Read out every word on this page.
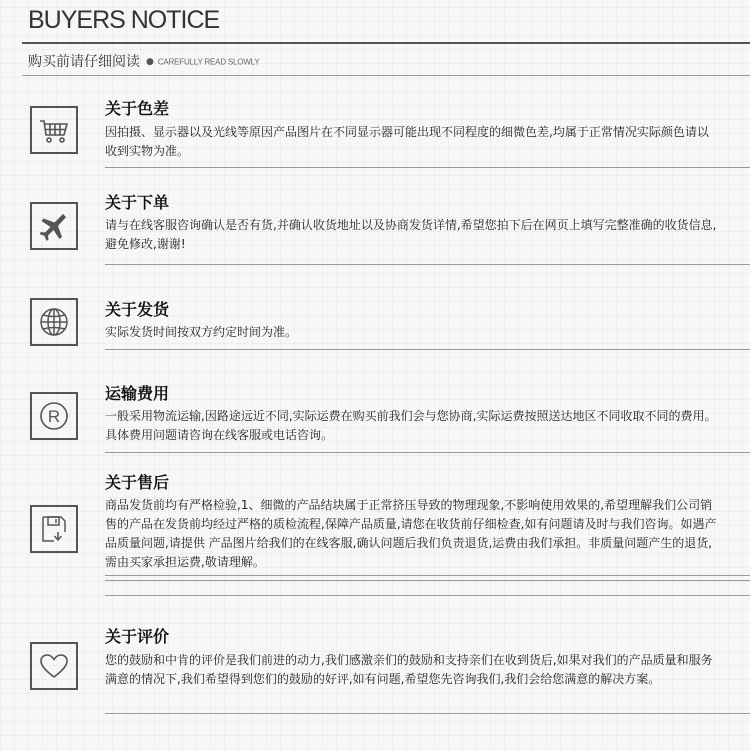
BUYERS NOTICE
购买前请仔细阅读 ● CAREFULLY READ SLOWLY
关于色差
因拍摄、显示器以及光线等原因产品图片在不同显示器可能出现不同程度的细微色差,均属于正常情况实际颜色请以收到实物为准。
关于下单
请与在线客服咨询确认是否有货,并确认收货地址以及协商发货详情,希望您拍下后在网页上填写完整准确的收货信息,避免修改,谢谢!
关于发货
实际发货时间按双方约定时间为准。
R
运输费用
一般采用物流运输,因路途远近不同,实际运费在购买前我们会与您协商,实际运费按照送达地区不同收取不同的费用。具体费用问题请咨询在线客服或电话咨询。
关于售后
商品发货前均有严格检验,1、细微的产品结块属于正常挤压导致的物理现象,不影响使用效果的,希望理解我们公司销售的产品在发货前均经过严格的质检流程,保障产品质量,请您在收货前仔细检查,如有问题请及时与我们咨询。如遇产品质量问题,请提供 产品图片给我们的在线客服,确认问题后我们负责退货,运费由我们承担。非质量问题产生的退货,需由买家承担运费,敬请理解。
关于评价
您的鼓励和中肯的评价是我们前进的动力,我们感激亲们的鼓励和支持亲们在收到货后,如果对我们的产品质量和服务满意的情况下,我们希望得到您们的鼓励的好评,如有问题,希望您先咨询我们,我们会给您满意的解决方案。
